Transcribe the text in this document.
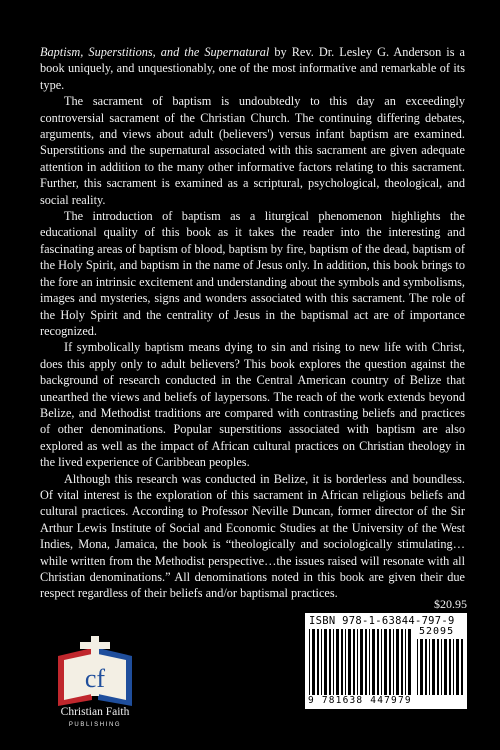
Baptism, Superstitions, and the Supernatural by Rev. Dr. Lesley G. Anderson is a book uniquely, and unquestionably, one of the most informative and remarkable of its type.

The sacrament of baptism is undoubtedly to this day an exceedingly controversial sacrament of the Christian Church. The continuing differing debates, arguments, and views about adult (believers') versus infant baptism are examined. Superstitions and the supernatural associated with this sacrament are given adequate attention in addition to the many other informative factors relating to this sacrament. Further, this sacrament is examined as a scriptural, psychological, theological, and social reality.

The introduction of baptism as a liturgical phenomenon highlights the educational quality of this book as it takes the reader into the interesting and fascinating areas of baptism of blood, baptism by fire, baptism of the dead, baptism of the Holy Spirit, and baptism in the name of Jesus only. In addition, this book brings to the fore an intrinsic excitement and understanding about the symbols and symbolisms, images and mysteries, signs and wonders associated with this sacrament. The role of the Holy Spirit and the centrality of Jesus in the baptismal act are of importance recognized.

If symbolically baptism means dying to sin and rising to new life with Christ, does this apply only to adult believers? This book explores the question against the background of research conducted in the Central American country of Belize that unearthed the views and beliefs of laypersons. The reach of the work extends beyond Belize, and Methodist traditions are compared with contrasting beliefs and practices of other denominations. Popular superstitions associated with baptism are also explored as well as the impact of African cultural practices on Christian theology in the lived experience of Caribbean peoples.

Although this research was conducted in Belize, it is borderless and boundless. Of vital interest is the exploration of this sacrament in African religious beliefs and cultural practices. According to Professor Neville Duncan, former director of the Sir Arthur Lewis Institute of Social and Economic Studies at the University of the West Indies, Mona, Jamaica, the book is “theologically and sociologically stimulating…while written from the Methodist perspective…the issues raised will resonate with all Christian denominations.” All denominations noted in this book are given their due respect regardless of their beliefs and/or baptismal practices.

$20.95
ISBN 978-1-63844-797-9
52095
9 781638 447979
cf
Christian Faith
PUBLISHING
